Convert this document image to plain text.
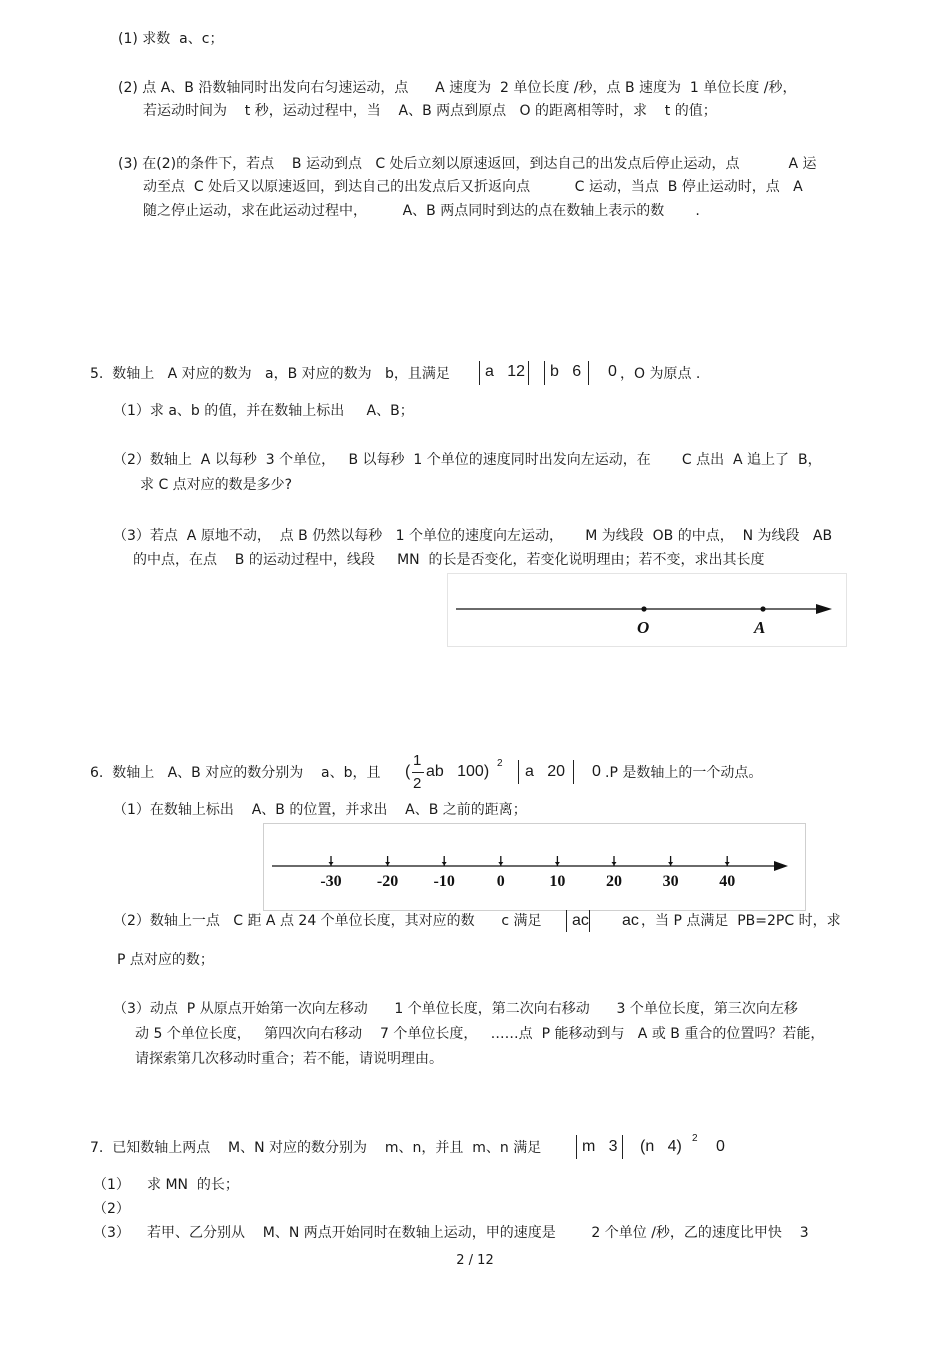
(1) 求数  a、c；
(2) 点 A、B 沿数轴同时出发向右匀速运动，点      A 速度为  2 单位长度 /秒，点 B 速度为  1 单位长度 /秒，
若运动时间为    t 秒，运动过程中，当    A、B 两点到原点   O 的距离相等时，求    t 的值；
(3) 在(2)的条件下，若点    B 运动到点   C 处后立刻以原速返回，到达自己的出发点后停止运动，点           A 运
动至点  C 处后又以原速返回，到达自己的出发点后又折返向点          C 运动，当点  B 停止运动时，点   A
随之停止运动，求在此运动过程中，        A、B 两点同时到达的点在数轴上表示的数       .
5.  数轴上   A 对应的数为   a，B 对应的数为   b，且满足 a   12 b   6 0 ，O 为原点 .
（1）求 a、b 的值，并在数轴上标出     A、B；
（2）数轴上  A 以每秒  3 个单位，   B 以每秒  1 个单位的速度同时出发向左运动，在       C 点出  A 追上了  B，
求 C 点对应的数是多少?
（3）若点  A 原地不动，  点 B 仍然以每秒   1 个单位的速度向左运动，     M 为线段  OB 的中点，  N 为线段   AB
的中点，在点    B 的运动过程中，线段     MN  的长是否变化，若变化说明理由；若不变，求出其长度
O	A
6.  数轴上   A、B 对应的数分别为    a、b，且 (
1
2
ab   100) 2 a   20 0 .P 是数轴上的一个动点。
（1）在数轴上标出    A、B 的位置，并求出    A、B 之前的距离；
-30 -20 -10	0	10	20	30	40
（2）数轴上一点   C 距 A 点 24 个单位长度，其对应的数      c 满足 ac ac ，当 P 点满足  PB=2PC 时，求
P 点对应的数；
（3）动点  P 从原点开始第一次向左移动      1 个单位长度，第二次向右移动      3 个单位长度，第三次向左移
动 5 个单位长度，   第四次向右移动    7 个单位长度，   ……点  P 能移动到与   A 或 B 重合的位置吗？若能，
请探索第几次移动时重合；若不能，请说明理由。
7.  已知数轴上两点    M、N 对应的数分别为    m、n，并且  m、n 满足	m   3 (n   4) 2 0
（1） 求 MN  的长；
（2）
（3） 若甲、乙分别从    M、N 两点开始同时在数轴上运动，甲的速度是        2 个单位 /秒，乙的速度比甲快    3
2 / 12
